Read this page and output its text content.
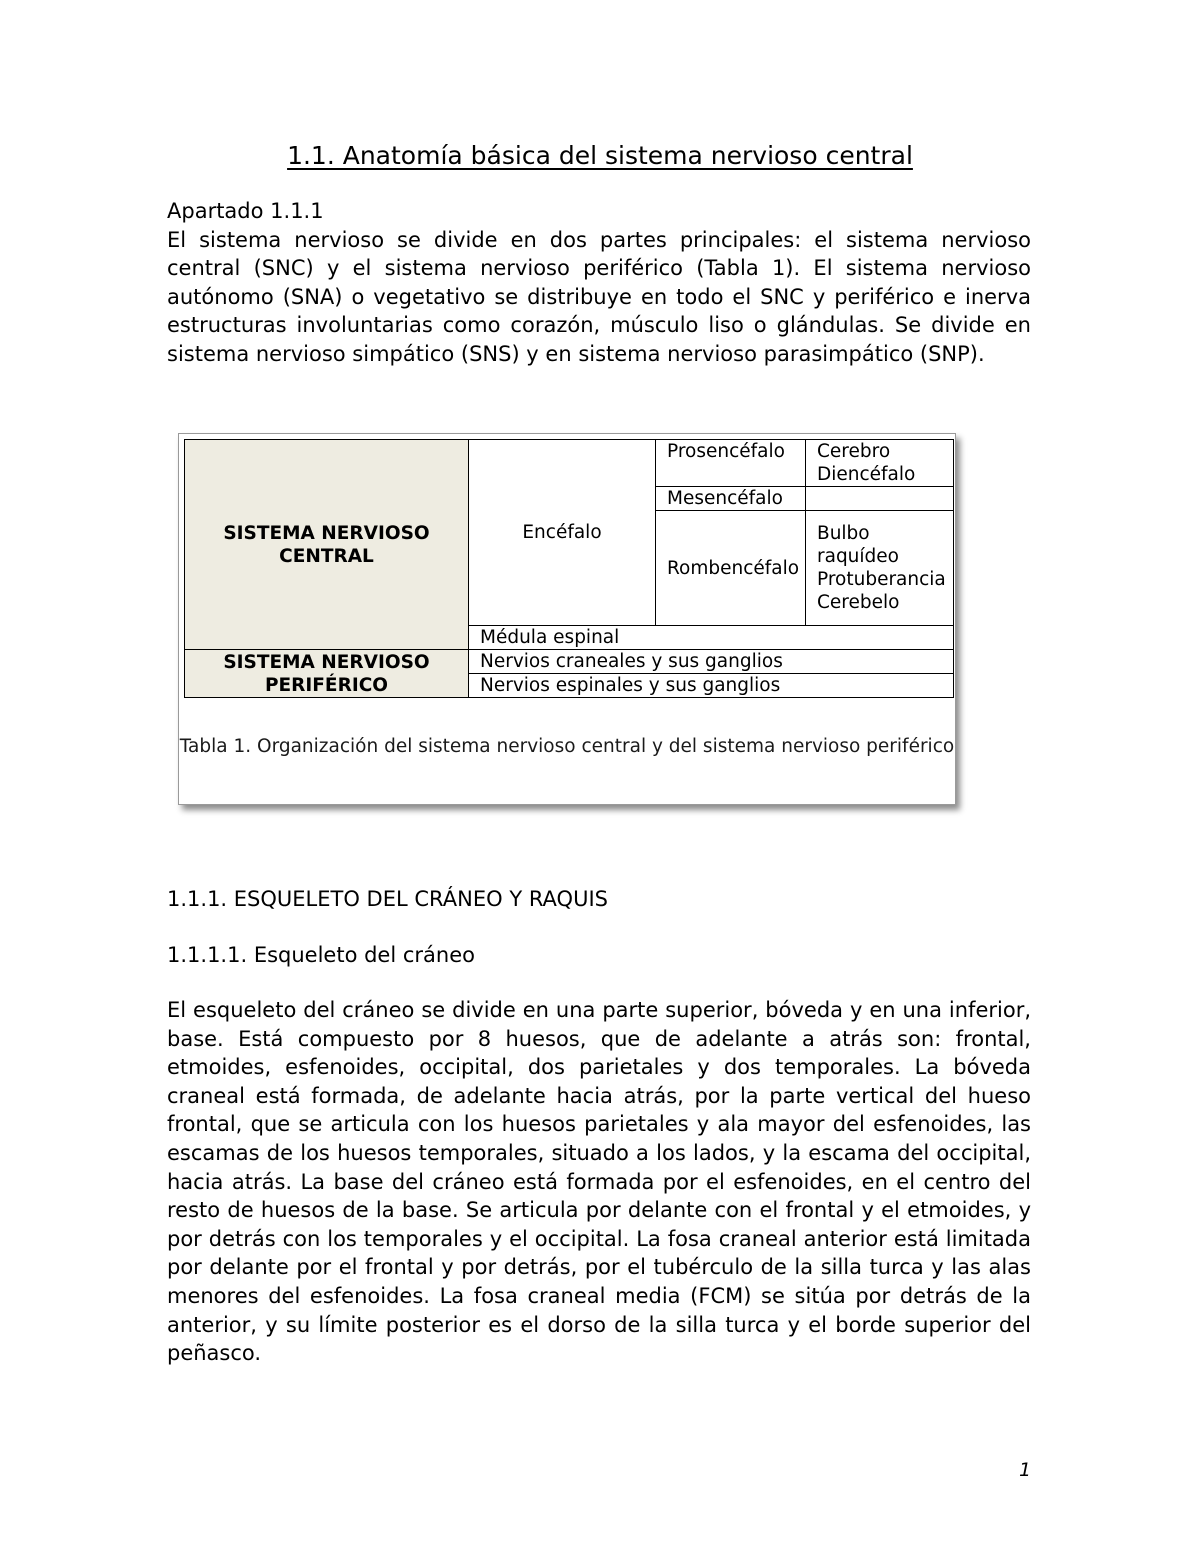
1.1. Anatomía básica del sistema nervioso central

Apartado 1.1.1

El sistema nervioso se divide en dos partes principales: el sistema nervioso central (SNC) y el sistema nervioso periférico (Tabla 1). El sistema nervioso autónomo (SNA) o vegetativo se distribuye en todo el SNC y periférico e inerva estructuras involuntarias como corazón, músculo liso o glándulas. Se divide en sistema nervioso simpático (SNS) y en sistema nervioso parasimpático (SNP).

SISTEMA NERVIOSO CENTRAL	Encéfalo	Prosencéfalo	Cerebro Diencéfalo
		Mesencéfalo	
		Rombencéfalo	Bulbo raquídeo Protuberancia Cerebelo
	Médula espinal		
SISTEMA NERVIOSO PERIFÉRICO	Nervios craneales y sus ganglios		
	Nervios espinales y sus ganglios		
Tabla 1. Organización del sistema nervioso central y del sistema nervioso periférico
1.1.1. ESQUELETO DEL CRÁNEO Y RAQUIS
1.1.1.1. Esqueleto del cráneo

El esqueleto del cráneo se divide en una parte superior, bóveda y en una inferior, base. Está compuesto por 8 huesos, que de adelante a atrás son: frontal, etmoides, esfenoides, occipital, dos parietales y dos temporales. La bóveda craneal está formada, de adelante hacia atrás, por la parte vertical del hueso frontal, que se articula con los huesos parietales y ala mayor del esfenoides, las escamas de los huesos temporales, situado a los lados, y la escama del occipital, hacia atrás. La base del cráneo está formada por el esfenoides, en el centro del resto de huesos de la base. Se articula por delante con el frontal y el etmoides, y por detrás con los temporales y el occipital. La fosa craneal anterior está limitada por delante por el frontal y por detrás, por el tubérculo de la silla turca y las alas menores del esfenoides. La fosa craneal media (FCM) se sitúa por detrás de la anterior, y su límite posterior es el dorso de la silla turca y el borde superior del peñasco.

1
